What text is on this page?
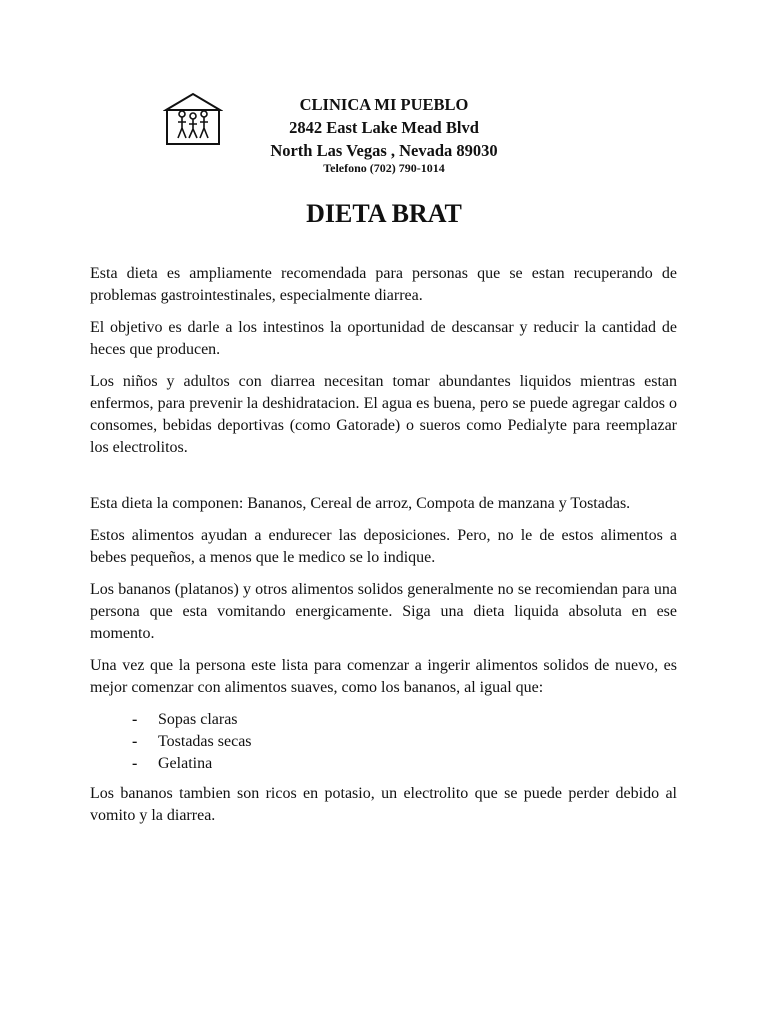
CLINICA MI PUEBLO
2842 East Lake Mead Blvd
North Las Vegas , Nevada 89030
Telefono (702) 790-1014
DIETA BRAT

Esta dieta es ampliamente recomendada para personas que se estan recuperando de problemas gastrointestinales, especialmente diarrea.

El objetivo es darle a los intestinos la oportunidad de descansar y reducir la cantidad de heces que producen.

Los niños y adultos con diarrea necesitan tomar abundantes liquidos mientras estan enfermos, para prevenir la deshidratacion. El agua es buena, pero se puede agregar caldos o consomes, bebidas deportivas (como Gatorade) o sueros como Pedialyte para reemplazar los electrolitos.

Esta dieta la componen: Bananos, Cereal de arroz, Compota de manzana y Tostadas.

Estos alimentos ayudan a endurecer las deposiciones. Pero, no le de estos alimentos a bebes pequeños, a menos que le medico se lo indique.

Los bananos (platanos) y otros alimentos solidos generalmente no se recomiendan para una persona que esta vomitando energicamente. Siga una dieta liquida absoluta en ese momento.

Una vez que la persona este lista para comenzar a ingerir alimentos solidos de nuevo, es mejor comenzar con alimentos suaves, como los bananos, al igual que:

-	Sopas claras
-	Tostadas secas
-	Gelatina

Los bananos tambien son ricos en potasio, un electrolito que se puede perder debido al vomito y la diarrea.
